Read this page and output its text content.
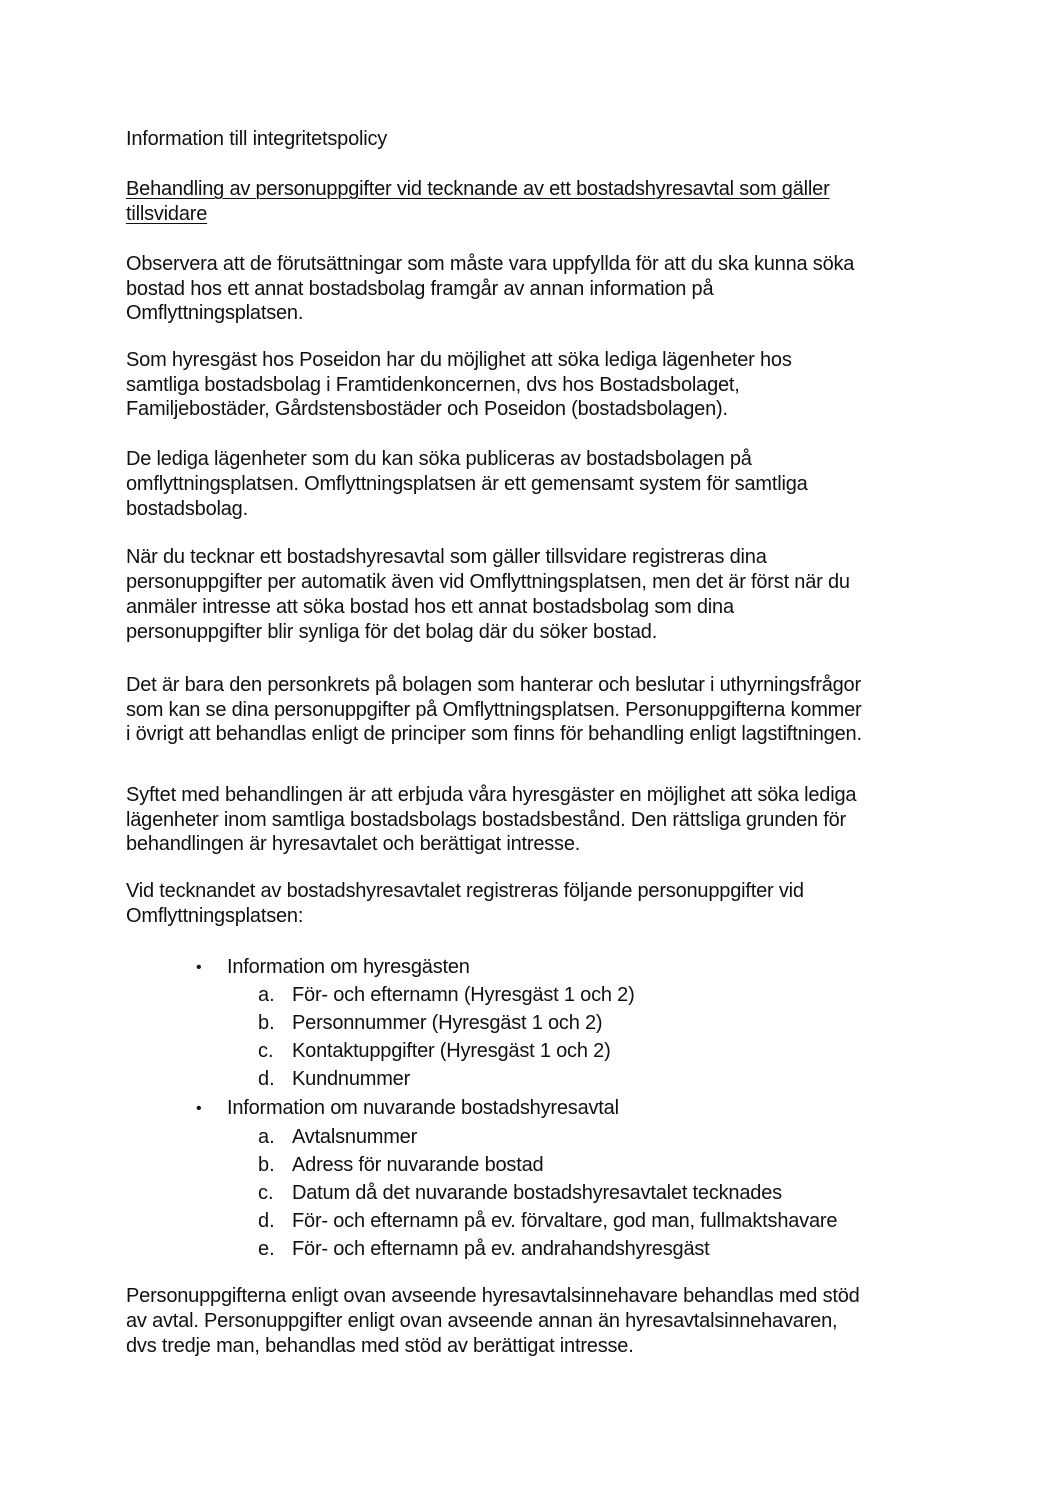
Information till integritetspolicy
Behandling av personuppgifter vid tecknande av ett bostadshyresavtal som gäller
tillsvidare
Observera att de förutsättningar som måste vara uppfyllda för att du ska kunna söka
bostad hos ett annat bostadsbolag framgår av annan information på
Omflyttningsplatsen.
Som hyresgäst hos Poseidon har du möjlighet att söka lediga lägenheter hos
samtliga bostadsbolag i Framtidenkoncernen, dvs hos Bostadsbolaget,
Familjebostäder, Gårdstensbostäder och Poseidon (bostadsbolagen).
De lediga lägenheter som du kan söka publiceras av bostadsbolagen på
omflyttningsplatsen. Omflyttningsplatsen är ett gemensamt system för samtliga
bostadsbolag.
När du tecknar ett bostadshyresavtal som gäller tillsvidare registreras dina
personuppgifter per automatik även vid Omflyttningsplatsen, men det är först när du
anmäler intresse att söka bostad hos ett annat bostadsbolag som dina
personuppgifter blir synliga för det bolag där du söker bostad.
Det är bara den personkrets på bolagen som hanterar och beslutar i uthyrningsfrågor
som kan se dina personuppgifter på Omflyttningsplatsen. Personuppgifterna kommer
i övrigt att behandlas enligt de principer som finns för behandling enligt lagstiftningen.
Syftet med behandlingen är att erbjuda våra hyresgäster en möjlighet att söka lediga
lägenheter inom samtliga bostadsbolags bostadsbestånd. Den rättsliga grunden för
behandlingen är hyresavtalet och berättigat intresse.
Vid tecknandet av bostadshyresavtalet registreras följande personuppgifter vid
Omflyttningsplatsen:
• Information om hyresgästen
a. För- och efternamn (Hyresgäst 1 och 2)
b. Personnummer (Hyresgäst 1 och 2)
c. Kontaktuppgifter (Hyresgäst 1 och 2)
d. Kundnummer
• Information om nuvarande bostadshyresavtal
a. Avtalsnummer
b. Adress för nuvarande bostad
c. Datum då det nuvarande bostadshyresavtalet tecknades
d. För- och efternamn på ev. förvaltare, god man, fullmaktshavare
e. För- och efternamn på ev. andrahandshyresgäst
Personuppgifterna enligt ovan avseende hyresavtalsinnehavare behandlas med stöd
av avtal. Personuppgifter enligt ovan avseende annan än hyresavtalsinnehavaren,
dvs tredje man, behandlas med stöd av berättigat intresse.
